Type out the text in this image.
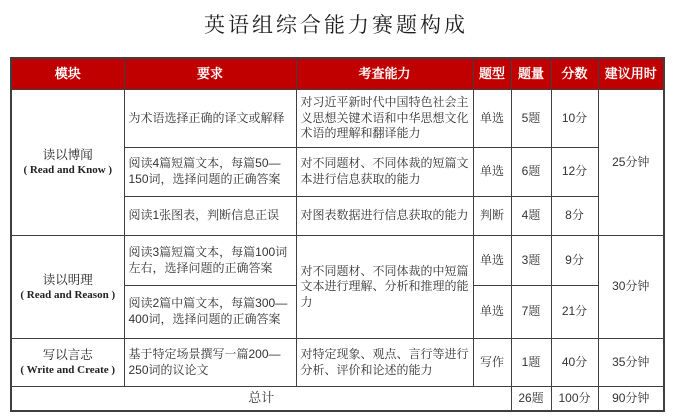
英语组综合能力赛题构成
模块	要求	考查能力	题型	题量	分数	建议用时

读以博闻
( Read and Know )	为术语选择正确的译文或解释	对习近平新时代中国特色社会主义思想关键术语和中华思想文化术语的理解和翻译能力	单选	5题	10分	25分钟
	阅读4篇短篇文本，每篇50—150词，选择问题的正确答案	对不同题材、不同体裁的短篇文本进行信息获取的能力	单选	6题	12分	
	阅读1张图表，判断信息正误	对图表数据进行信息获取的能力	判断	4题	8分	

读以明理
( Read and Reason )	阅读3篇短篇文本，每篇100词左右，选择问题的正确答案	对不同题材、不同体裁的中短篇文本进行理解、分析和推理的能力	单选	3题	9分	30分钟
	阅读2篇中篇文本，每篇300—400词，选择问题的正确答案		单选	7题	21分	

写以言志
( Write and Create )	基于特定场景撰写一篇200—250词的议论文	对特定现象、观点、言行等进行分析、评价和论述的能力	写作	1题	40分	35分钟
总计				26题	100分	90分钟
